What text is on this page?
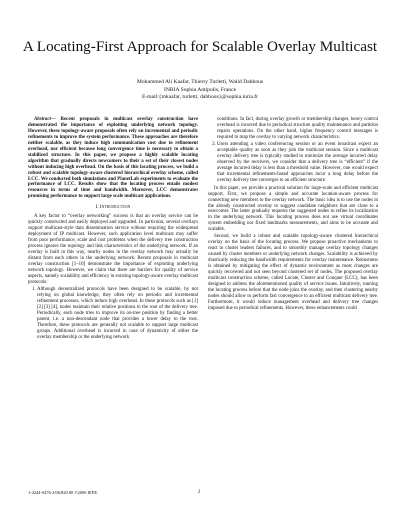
A Locating-First Approach for Scalable Overlay Multicast
Mohammed Ali Kaafar, Thierry Turletti, Walid Dabbous
INRIA Sophia Antipolis, France
E-mail:{mkaafar, turletti, dabbous}@sophia.inria.fr

Abstract— Recent proposals in multicast overlay construction have demonstrated the importance of exploiting underlying network topology. However, these topology-aware proposals often rely on incremental and periodic refinements to improve the system performance. These approaches are therefore neither scalable, as they induce high communication cost due to refinement overhead, nor efficient because long convergence time is necessary to obtain a stabilized structure. In this paper, we propose a highly scalable locating algorithm that gradually directs newcomers to their a set of their closest nodes without inducing high overhead. On the basis of this locating process, we build a robust and scalable topology-aware clustered hierarchical overlay scheme, called LCC. We conducted both simulations and PlanetLab experiments to evaluate the performance of LCC. Results show that the locating process entails modest resources in terms of time and bandwidth. Moreover, LCC demonstrates promising performance to support large scale multicast applications.

I. Introduction

A key factor to “overlay networking” success is that an overlay service can be quickly constructed and easily deployed and upgraded. In particular, several overlays support multicast-style data dissemination service without requiring the widespread deployment of IP multicast. However, such application level multicast may suffer from poor performance, scale and cost problems when the delivery tree construction process ignores the topology and link characteristics of the underlying network. If an overlay is built in this way, nearby nodes in the overlay network may actually be distant from each others in the underlying network. Recent proposals in multicast overlay construction [1–10] demonstrate the importance of exploiting underlying network topology. However, we claim that there are barriers for quality of service aspects, namely scalability and efficiency in existing topology-aware overlay multicast protocols:

1. Although decentralized protocols have been designed to be scalable, by not relying on global knowledge, they often rely on periodic and incremental refinement processes, which induce high overhead. In these protocols such as [1] [2] [3] [4], nodes maintain their relative positions to the root of the delivery tree. Periodically, each node tries to improve its on-tree position by finding a better parent, i.e. a non-descendant node that provides a lower delay to the root. Therefore, these protocols are generally not scalable to support large multicast groups. Additional overhead is incurred in case of dynamicity of either the overlay membership or the underlying network

conditions. In fact, during overlay growth or membership changes, heavy control overhead is incurred due to periodical structure quality maintenance and partition repairs operations. On the other hand, higher frequency control messages is required to map the overlay to varying network characteristics.

2. Users attending a video conferencing session or an event broadcast expect an acceptable quality as soon as they join the multicast session. Since a multicast overlay delivery tree is typically studied to minimize the average incurred delay observed by the receivers, we consider that a delivery tree is “efficient” if the average incurred delay is less than a threshold value. However, one would expect that incremental refinements-based approaches incur a long delay before the overlay delivery tree converges to an efficient structure.

In this paper, we provide a practical solution for large-scale and efficient multicast support. First, we propose a simple and accurate location-aware process for connecting new members to the overlay network. The basic idea is to use the nodes in the already constructed overlay to suggest candidate neighbors that are close to a newcomer. The latter gradually requests the suggested nodes to refine its localization in the underlying network. This locating process does not use virtual coordinates system embedding nor fixed landmarks measurements, and aims to be accurate and scalable.

Second, we build a robust and scalable topology-aware clustered hierarchical overlay on the basis of the locating process. We propose proactive mechanisms to react to cluster leaders failures, and to smoothly manage overlay topology changes caused by cluster members or underlying network changes. Scalability is achieved by drastically reducing the bandwidth requirements for overlay maintenance. Robustness is obtained by mitigating the effect of dynamic environment as most changes are quickly recovered and not seen beyond clustered set of nodes. The proposed overlay multicast construction scheme, called Locate, Cluster and Conquer (LCC), has been designed to address the aforementioned quality of service issues. Intuitively, running the locating process before that the node joins the overlay, and then clustering nearby nodes should allow to perform fast convergence to an efficient multicast delivery tree. Furthermore, it would reduce management overhead and delivery tree changes imposed due to periodical refinements. However, these enhancements could

1-4244-0476-2/06/$20.00 ©2006 IEEE.	2
